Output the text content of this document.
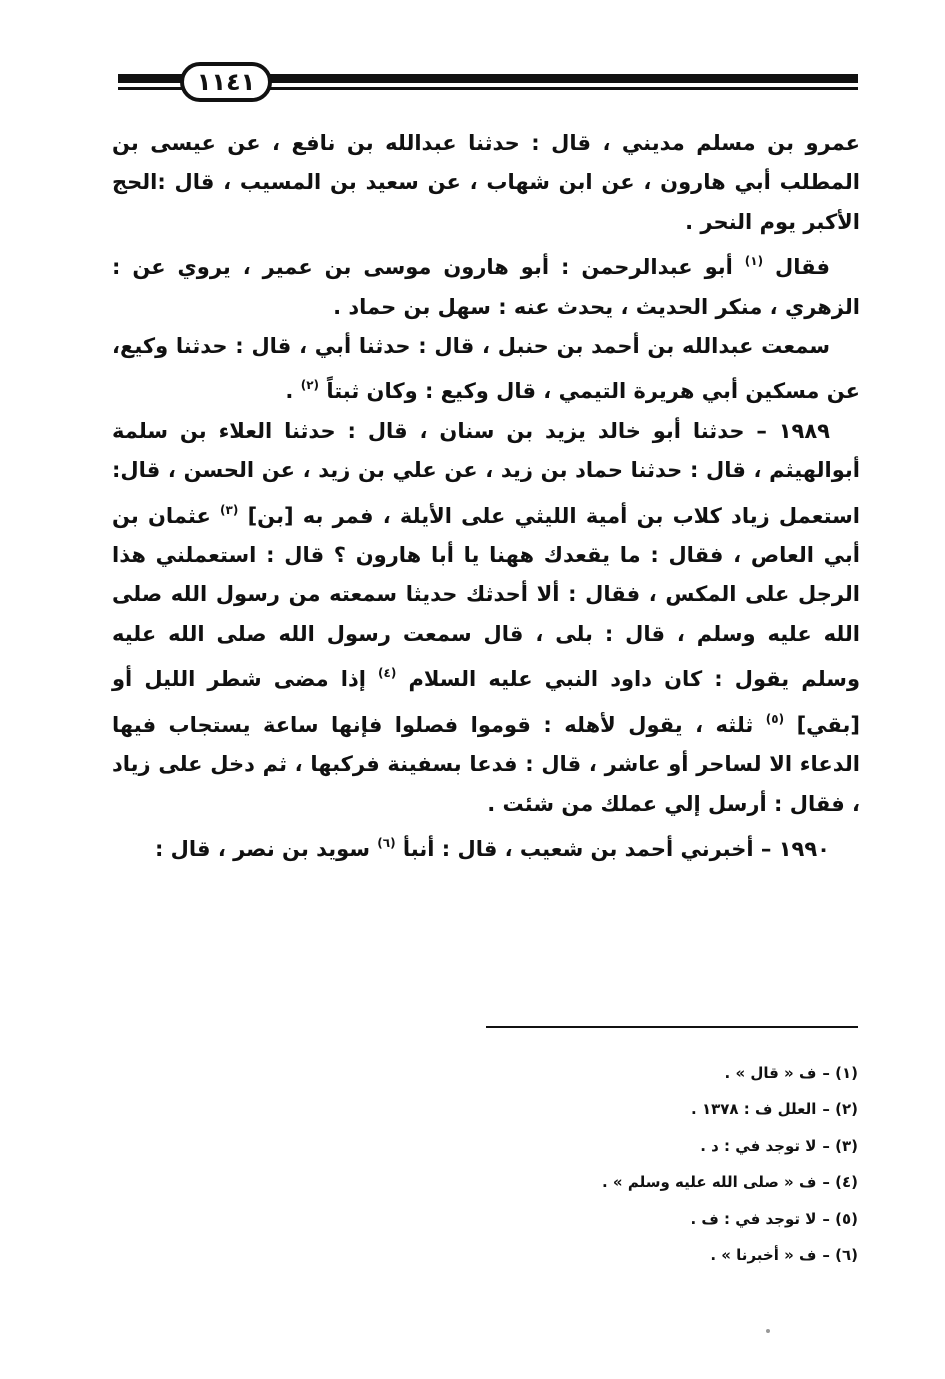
١١٤١

عمرو بن مسلم مديني ، قال : حدثنا عبدالله بن نافع ، عن عيسى بن المطلب أبي هارون ، عن ابن شهاب ، عن سعيد بن المسيب ، قال :الحج الأكبر يوم النحر .

فقال $^{(١)}$ أبو عبدالرحمن : أبو هارون موسى بن عمير ، يروي عن : الزهري ، منكر الحديث ، يحدث عنه : سهل بن حماد .

سمعت عبدالله بن أحمد بن حنبل ، قال : حدثنا أبي ، قال : حدثنا وكيع، عن مسكين أبي هريرة التيمي ، قال وكيع : وكان ثبتاً $^{(٢)}$ .

١٩٨٩ – حدثنا أبو خالد يزيد بن سنان ، قال : حدثنا العلاء بن سلمة أبوالهيثم ، قال : حدثنا حماد بن زيد ، عن علي بن زيد ، عن الحسن ، قال: استعمل زياد كلاب بن أمية الليثي على الأيلة ، فمر به [بن] $^{(٣)}$ عثمان بن أبي العاص ، فقال : ما يقعدك ههنا يا أبا هارون ؟ قال : استعملني هذا الرجل على المكس ، فقال : ألا أحدثك حديثا سمعته من رسول الله صلى الله عليه وسلم ، قال : بلى ، قال سمعت رسول الله صلى الله عليه وسلم يقول : كان داود النبي عليه السلام $^{(٤)}$ إذا مضى شطر الليل أو [بقي] $^{(٥)}$ ثلثه ، يقول لأهله : قوموا فصلوا فإنها ساعة يستجاب فيها الدعاء الا لساحر أو عاشر ، قال : فدعا بسفينة فركبها ، ثم دخل على زياد ، فقال : أرسل إلي عملك من شئت .

١٩٩٠ – أخبرني أحمد بن شعيب ، قال : أنبأ $^{(٦)}$ سويد بن نصر ، قال :

(١) –ف « قال » .
(٢) –العلل ف : ١٣٧٨ .
(٣) –لا توجد في : د .
(٤) –ف « صلى الله عليه وسلم » .
(٥) –لا توجد في : ف .
(٦) –ف « أخبرنا » .
